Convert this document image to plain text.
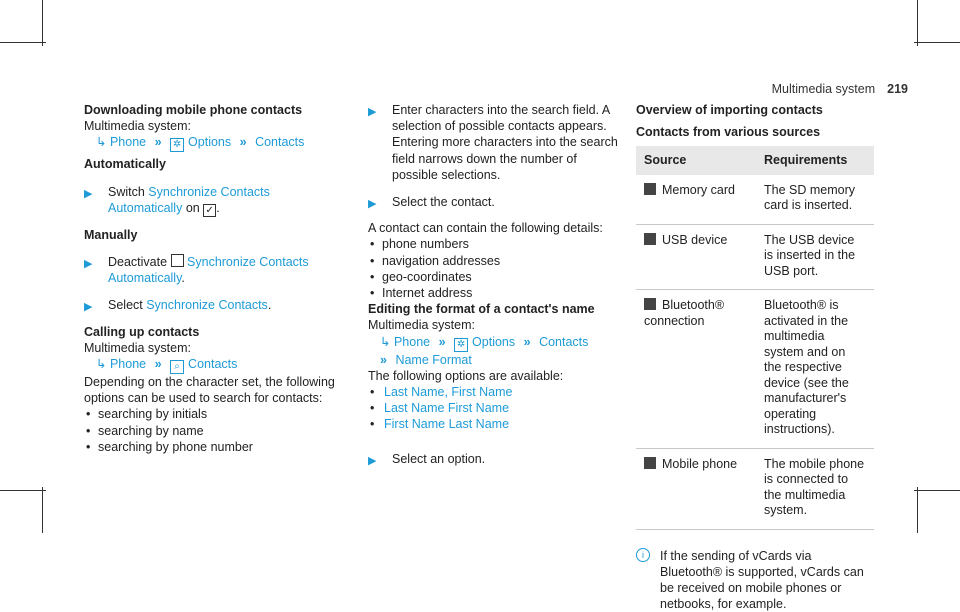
Multimedia system 219
Downloading mobile phone contacts
Multimedia system:
↳ Phone » ✲ Options » Contacts
Automatically
▶ Switch Synchronize Contacts Automatically on ✓ .
Manually
▶ Deactivate Synchronize Contacts Automatically.
▶ Select Synchronize Contacts.
Calling up contacts
Multimedia system:
↳ Phone » ⌕ Contacts
Depending on the character set, the following options can be used to search for contacts:
• searching by initials
• searching by name
• searching by phone number
▶ Enter characters into the search field. A selection of possible contacts appears. Entering more characters into the search field narrows down the number of possible selections.
▶ Select the contact.
A contact can contain the following details:
• phone numbers
• navigation addresses
• geo-coordinates
• Internet address
Editing the format of a contact's name
Multimedia system:
↳ Phone » ✲ Options » Contacts
» Name Format
The following options are available:
• Last Name, First Name
• Last Name First Name
• First Name Last Name
▶ Select an option.
Overview of importing contacts
Contacts from various sources
Source	Requirements
Memory card	The SD memory card is inserted.
USB device	The USB device is inserted in the USB port.
Bluetooth® connection	Bluetooth® is activated in the multimedia system and on the respective device (see the manufacturer's operating instructions).
Mobile phone	The mobile phone is connected to the multimedia system.
i	If the sending of vCards via Bluetooth® is supported, vCards can be received on mobile phones or netbooks, for example.
